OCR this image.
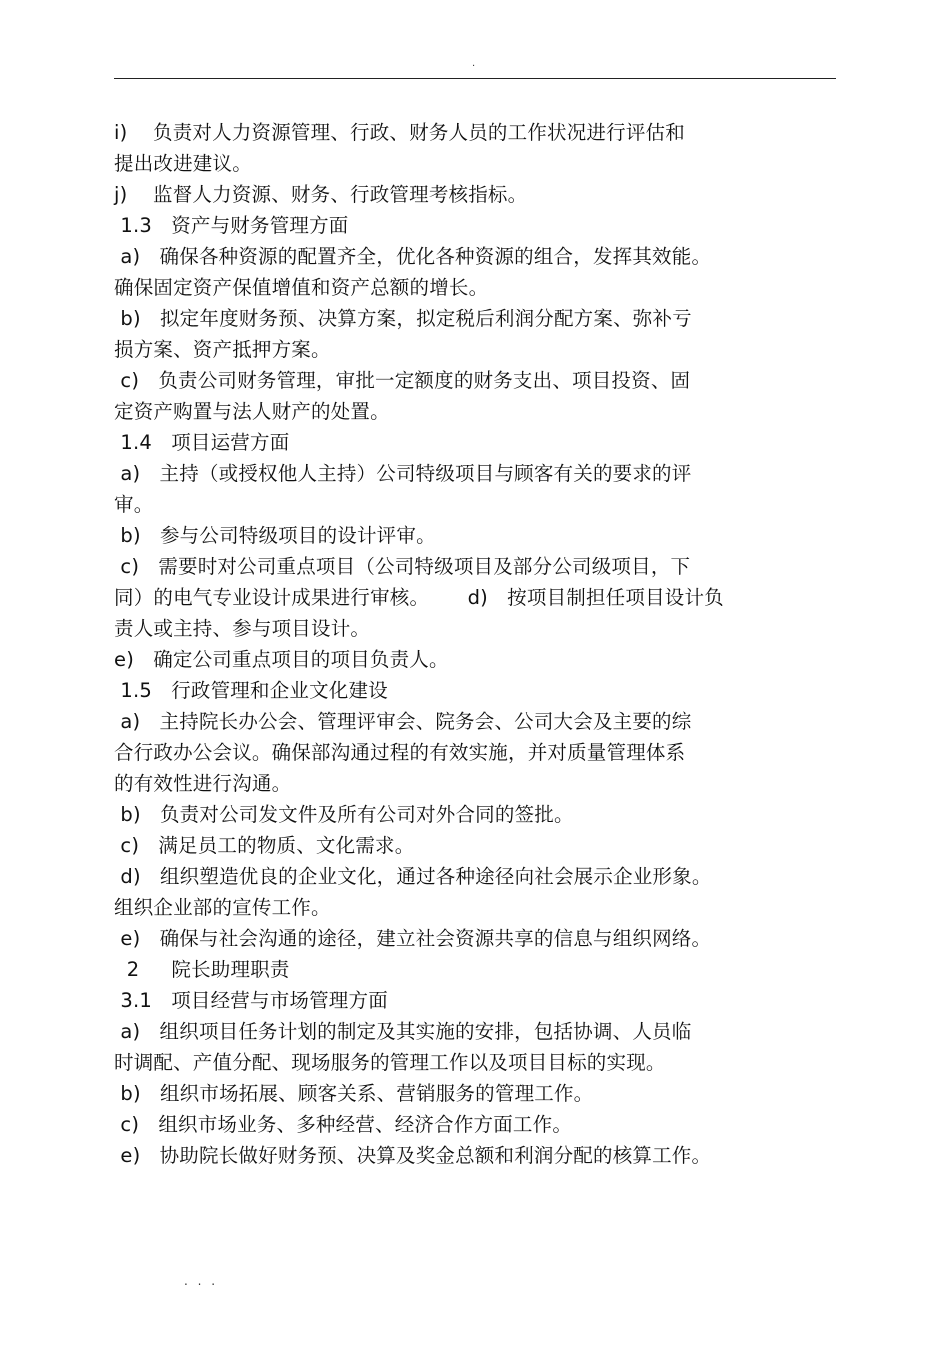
.
i)    负责对人力资源管理、行政、财务人员的工作状况进行评估和
提出改进建议。
j)    监督人力资源、财务、行政管理考核指标。
1.3   资产与财务管理方面
a)   确保各种资源的配置齐全，优化各种资源的组合，发挥其效能。
确保固定资产保值增值和资产总额的增长。
b)   拟定年度财务预、决算方案，拟定税后利润分配方案、弥补亏
损方案、资产抵押方案。
c)   负责公司财务管理，审批一定额度的财务支出、项目投资、固
定资产购置与法人财产的处置。
1.4   项目运营方面
a)   主持（或授权他人主持）公司特级项目与顾客有关的要求的评
审。
b)   参与公司特级项目的设计评审。
c)   需要时对公司重点项目（公司特级项目及部分公司级项目，下
同）的电气专业设计成果进行审核。      d)   按项目制担任项目设计负
责人或主持、参与项目设计。
e)   确定公司重点项目的项目负责人。
1.5   行政管理和企业文化建设
a)   主持院长办公会、管理评审会、院务会、公司大会及主要的综
合行政办公会议。确保部沟通过程的有效实施，并对质量管理体系
的有效性进行沟通。
b)   负责对公司发文件及所有公司对外合同的签批。
c)   满足员工的物质、文化需求。
d)   组织塑造优良的企业文化，通过各种途径向社会展示企业形象。
组织企业部的宣传工作。
e)   确保与社会沟通的途径，建立社会资源共享的信息与组织网络。
2     院长助理职责
3.1   项目经营与市场管理方面
a)   组织项目任务计划的制定及其实施的安排，包括协调、人员临
时调配、产值分配、现场服务的管理工作以及项目目标的实现。
b)   组织市场拓展、顾客关系、营销服务的管理工作。
c)   组织市场业务、多种经营、经济合作方面工作。
e)   协助院长做好财务预、决算及奖金总额和利润分配的核算工作。
. . .
